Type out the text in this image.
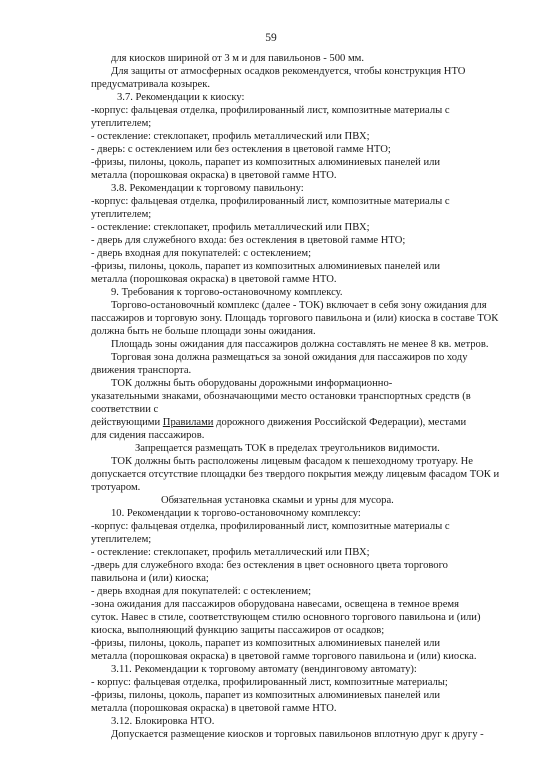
59

для киосков шириной от 3 м и для павильонов - 500 мм.

Для защиты от атмосферных осадков рекомендуется, чтобы конструкция НТО

предусматривала козырек.

3.7. Рекомендации к киоску:

-корпус: фальцевая отделка, профилированный лист, композитные материалы с

утеплителем;

- остекление: стеклопакет, профиль металлический или ПВХ;

- дверь: с остеклением или без остекления в цветовой гамме НТО;

-фризы, пилоны, цоколь, парапет из композитных алюминиевых панелей или

металла (порошковая окраска) в цветовой гамме НТО.

3.8. Рекомендации к торговому павильону:

-корпус: фальцевая отделка, профилированный лист, композитные материалы с

утеплителем;

- остекление: стеклопакет, профиль металлический или ПВХ;

- дверь для служебного входа: без остекления в цветовой гамме НТО;

- дверь входная для покупателей: с остеклением;

-фризы, пилоны, цоколь, парапет из композитных алюминиевых панелей или

металла (порошковая окраска) в цветовой гамме НТО.

9. Требования к торгово-остановочному комплексу.

Торгово-остановочный комплекс (далее - ТОК) включает в себя зону ожидания для

пассажиров и торговую зону. Площадь торгового павильона и (или) киоска в составе ТОК

должна быть не больше площади зоны ожидания.

Площадь зоны ожидания для пассажиров должна составлять не менее 8 кв. метров.

Торговая зона должна размещаться за зоной ожидания для пассажиров по ходу

движения транспорта.

ТОК должны быть оборудованы дорожными информационно-

указательными знаками, обозначающими место остановки транспортных средств (в

соответствии с

действующими Правилами дорожного движения Российской Федерации), местами

для сидения пассажиров.

Запрещается размещать ТОК в пределах треугольников видимости.

ТОК должны быть расположены лицевым фасадом к пешеходному тротуару. Не

допускается отсутствие площадки без твердого покрытия между лицевым фасадом ТОК и

тротуаром.

Обязательная установка скамьи и урны для мусора.

10. Рекомендации к торгово-остановочному комплексу:

-корпус: фальцевая отделка, профилированный лист, композитные материалы с

утеплителем;

- остекление: стеклопакет, профиль металлический или ПВХ;

-дверь для служебного входа: без остекления в цвет основного цвета торгового

павильона и (или) киоска;

- дверь входная для покупателей: с остеклением;

-зона ожидания для пассажиров оборудована навесами, освещена в темное время

суток. Навес в стиле, соответствующем стилю основного торгового павильона и (или)

киоска, выполняющий функцию защиты пассажиров от осадков;

-фризы, пилоны, цоколь, парапет из композитных алюминиевых панелей или

металла (порошковая окраска) в цветовой гамме торгового павильона и (или) киоска.

3.11. Рекомендации к торговому автомату (вендинговому автомату):

- корпус: фальцевая отделка, профилированный лист, композитные материалы;

-фризы, пилоны, цоколь, парапет из композитных алюминиевых панелей или

металла (порошковая окраска) в цветовой гамме НТО.

3.12. Блокировка НТО.

Допускается размещение киосков и торговых павильонов вплотную друг к другу -
